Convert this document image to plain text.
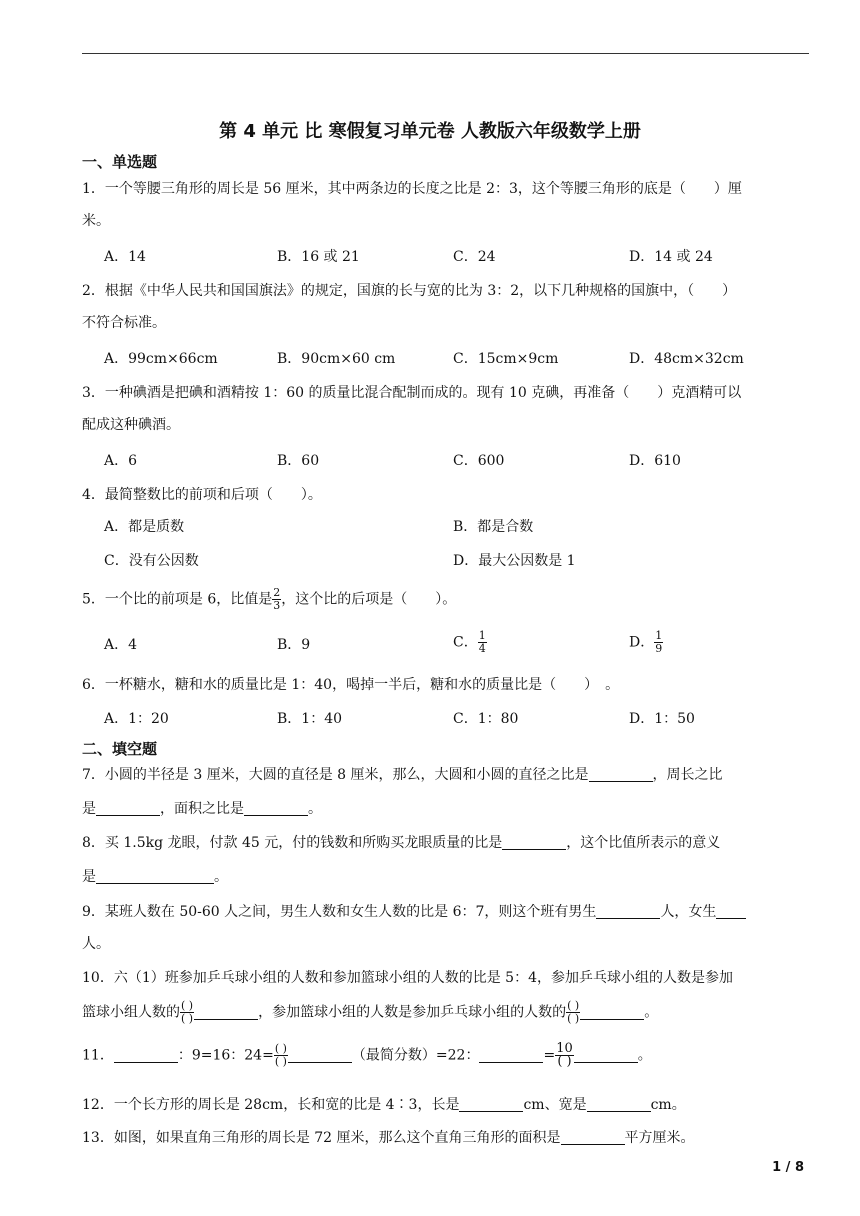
第 4 单元 比 寒假复习单元卷 人教版六年级数学上册
一、单选题
1．一个等腰三角形的周长是 56 厘米，其中两条边的长度之比是 2：3，这个等腰三角形的底是（　　）厘
米。
A．14	B．16 或 21	C．24	D．14 或 24
2．根据《中华人民共和国国旗法》的规定，国旗的长与宽的比为 3：2，以下几种规格的国旗中，（　　）
不符合标准。
A．99cm×66cm	B．90cm×60 cm	C．15cm×9cm	D．48cm×32cm
3．一种碘酒是把碘和酒精按 1：60 的质量比混合配制而成的。现有 10 克碘，再准备（　　）克酒精可以
配成这种碘酒。
A．6	B．60	C．600	D．610
4．最简整数比的前项和后项（　　）。
A．都是质数	B．都是合数
C．没有公因数	D．最大公因数是 1
5．一个比的前项是 6，比值是 $\frac{2}{3}$ ，这个比的后项是（　　）。
A．4	B．9	C． $\frac{1}{4}$	D． $\frac{1}{9}$
6．一杯糖水，糖和水的质量比是 1：40，喝掉一半后，糖和水的质量比是（　　）　。
A．1：20	B．1：40	C．1：80	D．1：50
二、填空题
7．小圆的半径是 3 厘米，大圆的直径是 8 厘米，那么，大圆和小圆的直径之比是	，周长之比
是	，面积之比是	。
8．买 1.5kg 龙眼，付款 45 元，付的钱数和所购买龙眼质量的比是	，这个比值所表示的意义
是	。
9．某班人数在 50-60 人之间，男生人数和女生人数的比是 6：7，则这个班有男生	人，女生
人。
10．六（1）班参加乒乓球小组的人数和参加篮球小组的人数的比是 5：4，参加乒乓球小组的人数是参加
篮球小组人数的 $\frac{( )}{( )}$	，参加篮球小组的人数是参加乒乓球小组的人数的 $\frac{( )}{( )}$	。
11．	：9=16：$24= \frac{( )}{( )}$	（最简分数）=22：	= $\frac{10}{( )}$	。
12．一个长方形的周长是 28cm，长和宽的比是 4∶3，长是	cm、宽是	cm。
13．如图，如果直角三角形的周长是 72 厘米，那么这个直角三角形的面积是	平方厘米。
1 / 8
